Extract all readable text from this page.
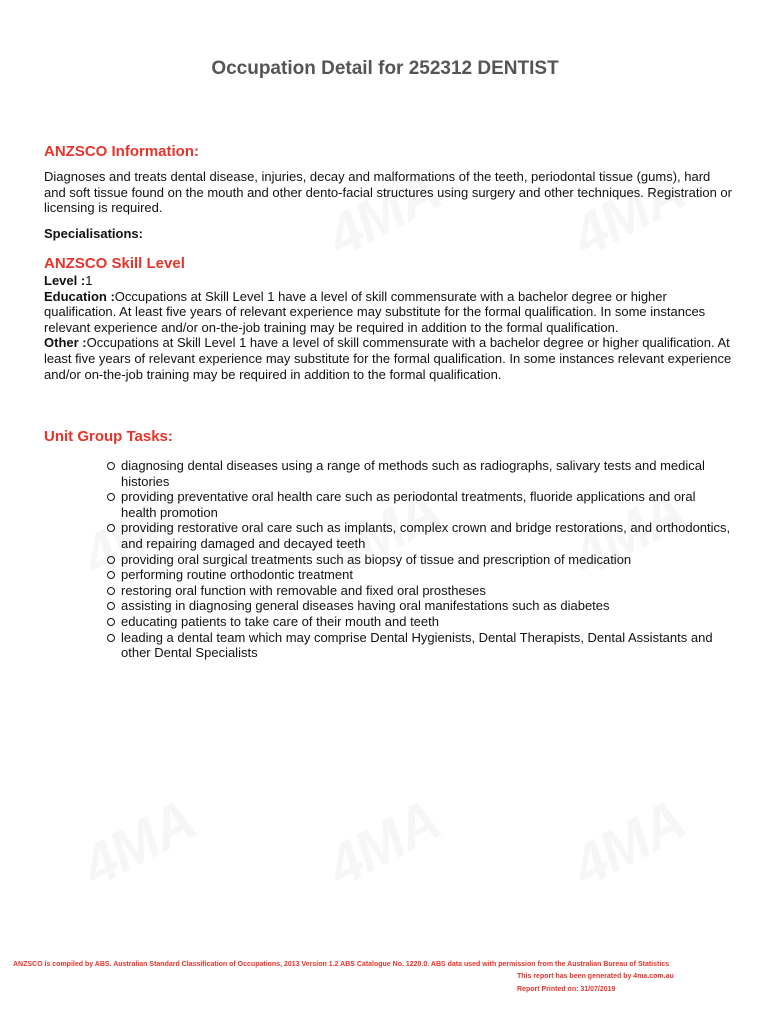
Occupation Detail for 252312 DENTIST
ANZSCO Information:
Diagnoses and treats dental disease, injuries, decay and malformations of the teeth, periodontal tissue (gums), hard and soft tissue found on the mouth and other dento-facial structures using surgery and other techniques. Registration or licensing is required.
Specialisations:
ANZSCO Skill Level
Level :1
Education :Occupations at Skill Level 1 have a level of skill commensurate with a bachelor degree or higher qualification. At least five years of relevant experience may substitute for the formal qualification. In some instances relevant experience and/or on-the-job training may be required in addition to the formal qualification.
Other :Occupations at Skill Level 1 have a level of skill commensurate with a bachelor degree or higher qualification. At least five years of relevant experience may substitute for the formal qualification. In some instances relevant experience and/or on-the-job training may be required in addition to the formal qualification.
Unit Group Tasks:
diagnosing dental diseases using a range of methods such as radiographs, salivary tests and medical histories
providing preventative oral health care such as periodontal treatments, fluoride applications and oral health promotion
providing restorative oral care such as implants, complex crown and bridge restorations, and orthodontics, and repairing damaged and decayed teeth
providing oral surgical treatments such as biopsy of tissue and prescription of medication
performing routine orthodontic treatment
restoring oral function with removable and fixed oral prostheses
assisting in diagnosing general diseases having oral manifestations such as diabetes
educating patients to take care of their mouth and teeth
leading a dental team which may comprise Dental Hygienists, Dental Therapists, Dental Assistants and other Dental Specialists
ANZSCO is compiled by ABS. Australian Standard Classification of Occupations, 2013 Version 1.2 ABS Catalogue No. 1220.0. ABS data used with permission from the Australian Bureau of Statistics
This report has been generated by 4ma.com.au
Report Printed on: 31/07/2019
